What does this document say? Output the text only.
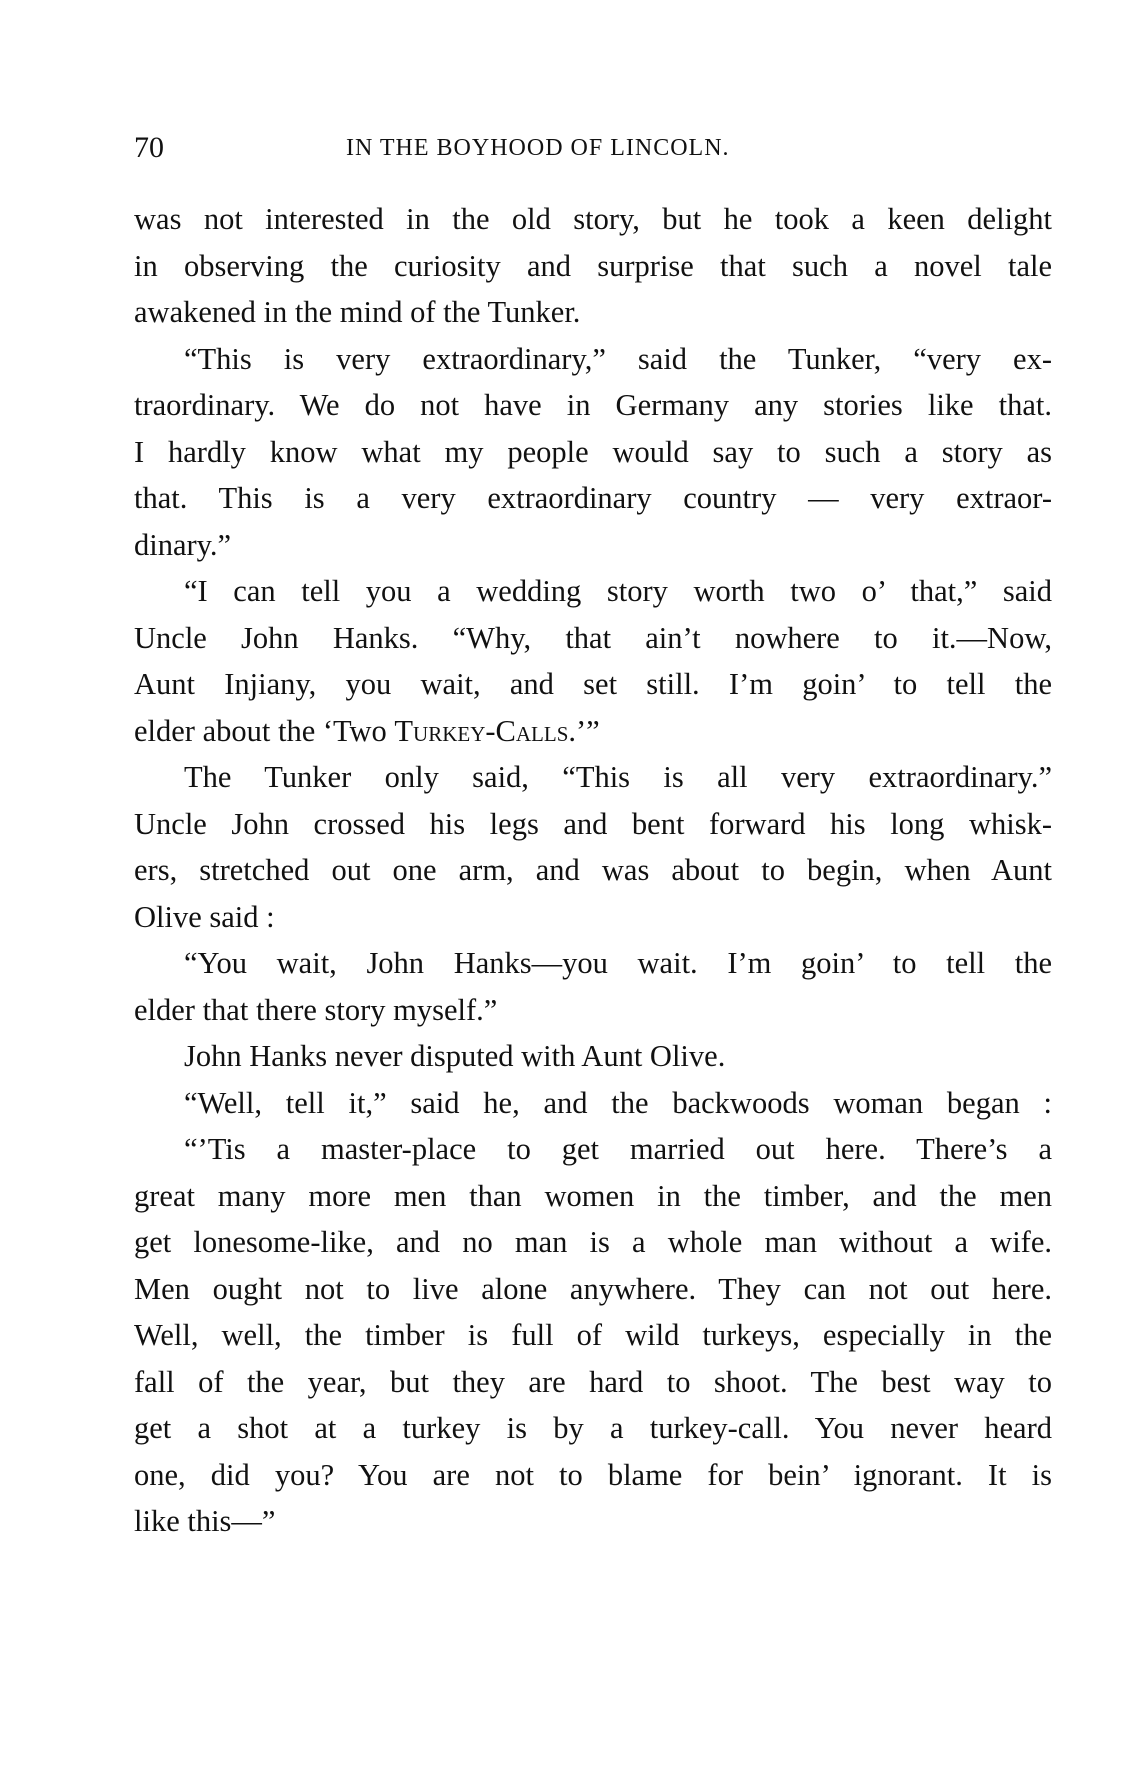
70	IN THE BOYHOOD OF LINCOLN.
was not interested in the old story, but he took a keen delight
in observing the curiosity and surprise that such a novel tale
awakened in the mind of the Tunker.
“This is very extraordinary,” said the Tunker, “very ex-
traordinary. We do not have in Germany any stories like that.
I hardly know what my people would say to such a story as
that. This is a very extraordinary country — very extraor-
dinary.”
“I can tell you a wedding story worth two o’ that,” said
Uncle John Hanks. “Why, that ain’t nowhere to it.—Now,
Aunt Injiany, you wait, and set still. I’m goin’ to tell the
elder about the ‘Two Turkey-Calls.’”
The Tunker only said, “This is all very extraordinary.”
Uncle John crossed his legs and bent forward his long whisk-
ers, stretched out one arm, and was about to begin, when Aunt
Olive said :
“You wait, John Hanks—you wait. I’m goin’ to tell the
elder that there story myself.”
John Hanks never disputed with Aunt Olive.
“Well, tell it,” said he, and the backwoods woman began :
“’Tis a master-place to get married out here. There’s a
great many more men than women in the timber, and the men
get lonesome-like, and no man is a whole man without a wife.
Men ought not to live alone anywhere. They can not out here.
Well, well, the timber is full of wild turkeys, especially in the
fall of the year, but they are hard to shoot. The best way to
get a shot at a turkey is by a turkey-call. You never heard
one, did you? You are not to blame for bein’ ignorant. It is
like this—”
